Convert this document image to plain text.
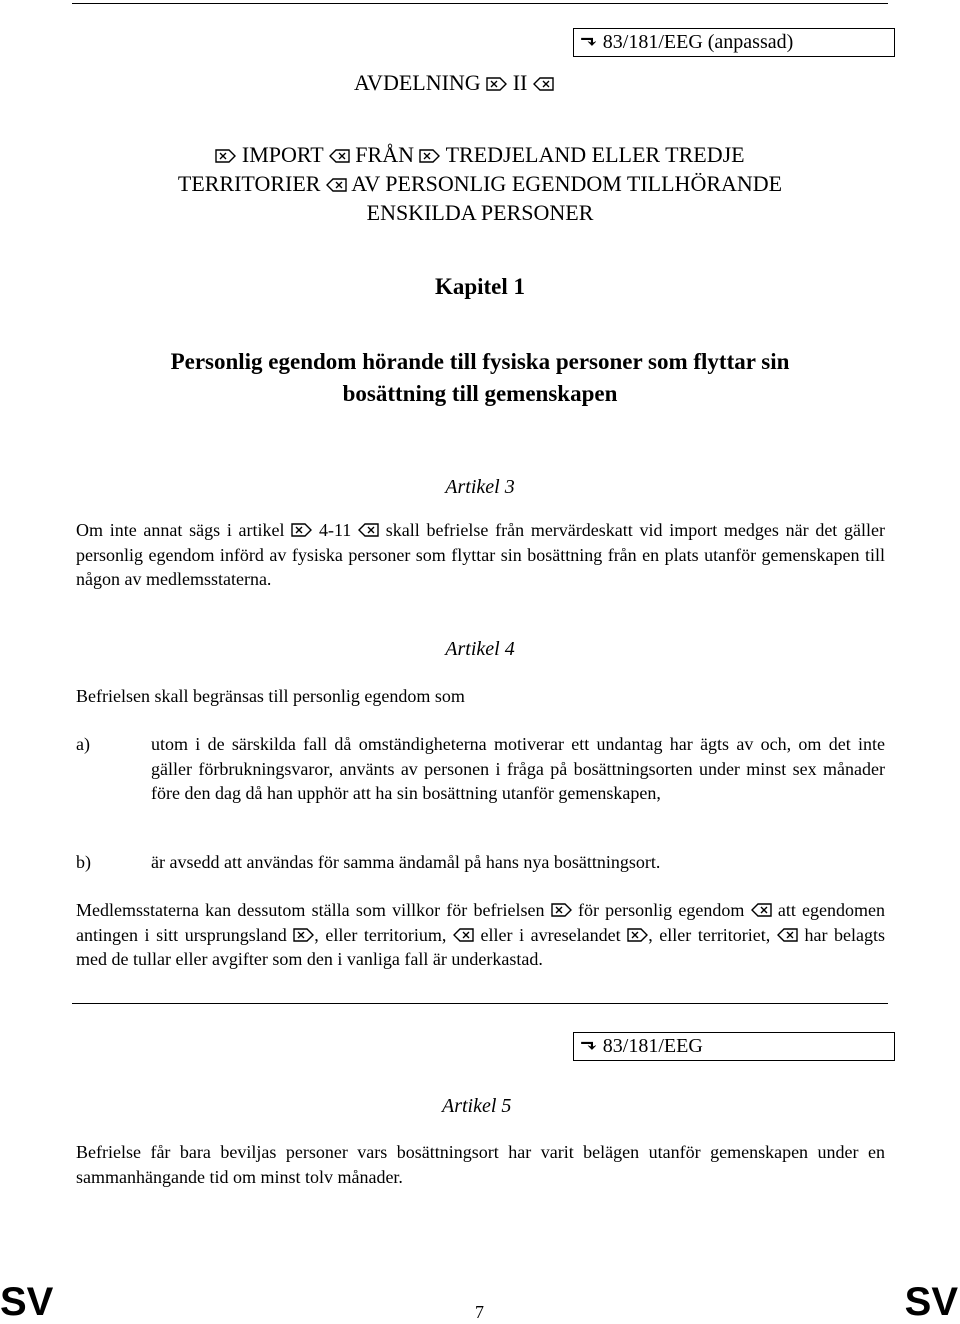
⬎ 83/181/EEG (anpassad)
AVDELNING II
IMPORT FRÅN TREDJELAND ELLER TREDJE
TERRITORIER AV PERSONLIG EGENDOM TILLHÖRANDE
ENSKILDA PERSONER
Kapitel 1
Personlig egendom hörande till fysiska personer som flyttar sin
bosättning till gemenskapen
Artikel 3

Om inte annat sägs i artikel 4-11 skall befrielse från mervärdeskatt vid import medges när det gäller personlig egendom införd av fysiska personer som flyttar sin bosättning från en plats utanför gemenskapen till någon av medlemsstaterna.

Artikel 4
Befrielsen skall begränsas till personlig egendom som
a)	utom i de särskilda fall då omständigheterna motiverar ett undantag har ägts av och, om det inte gäller förbrukningsvaror, använts av personen i fråga på bosättningsorten under minst sex månader före den dag då han upphör att ha sin bosättning utanför gemenskapen,
b)	är avsedd att användas för samma ändamål på hans nya bosättningsort.

Medlemsstaterna kan dessutom ställa som villkor för befrielsen för personlig egendom att egendomen antingen i sitt ursprungsland , eller territorium, eller i avreselandet , eller territoriet, har belagts med de tullar eller avgifter som den i vanliga fall är underkastad.

⬎ 83/181/EEG
Artikel 5

Befrielse får bara beviljas personer vars bosättningsort har varit belägen utanför gemenskapen under en sammanhängande tid om minst tolv månader.

SV	7	SV
